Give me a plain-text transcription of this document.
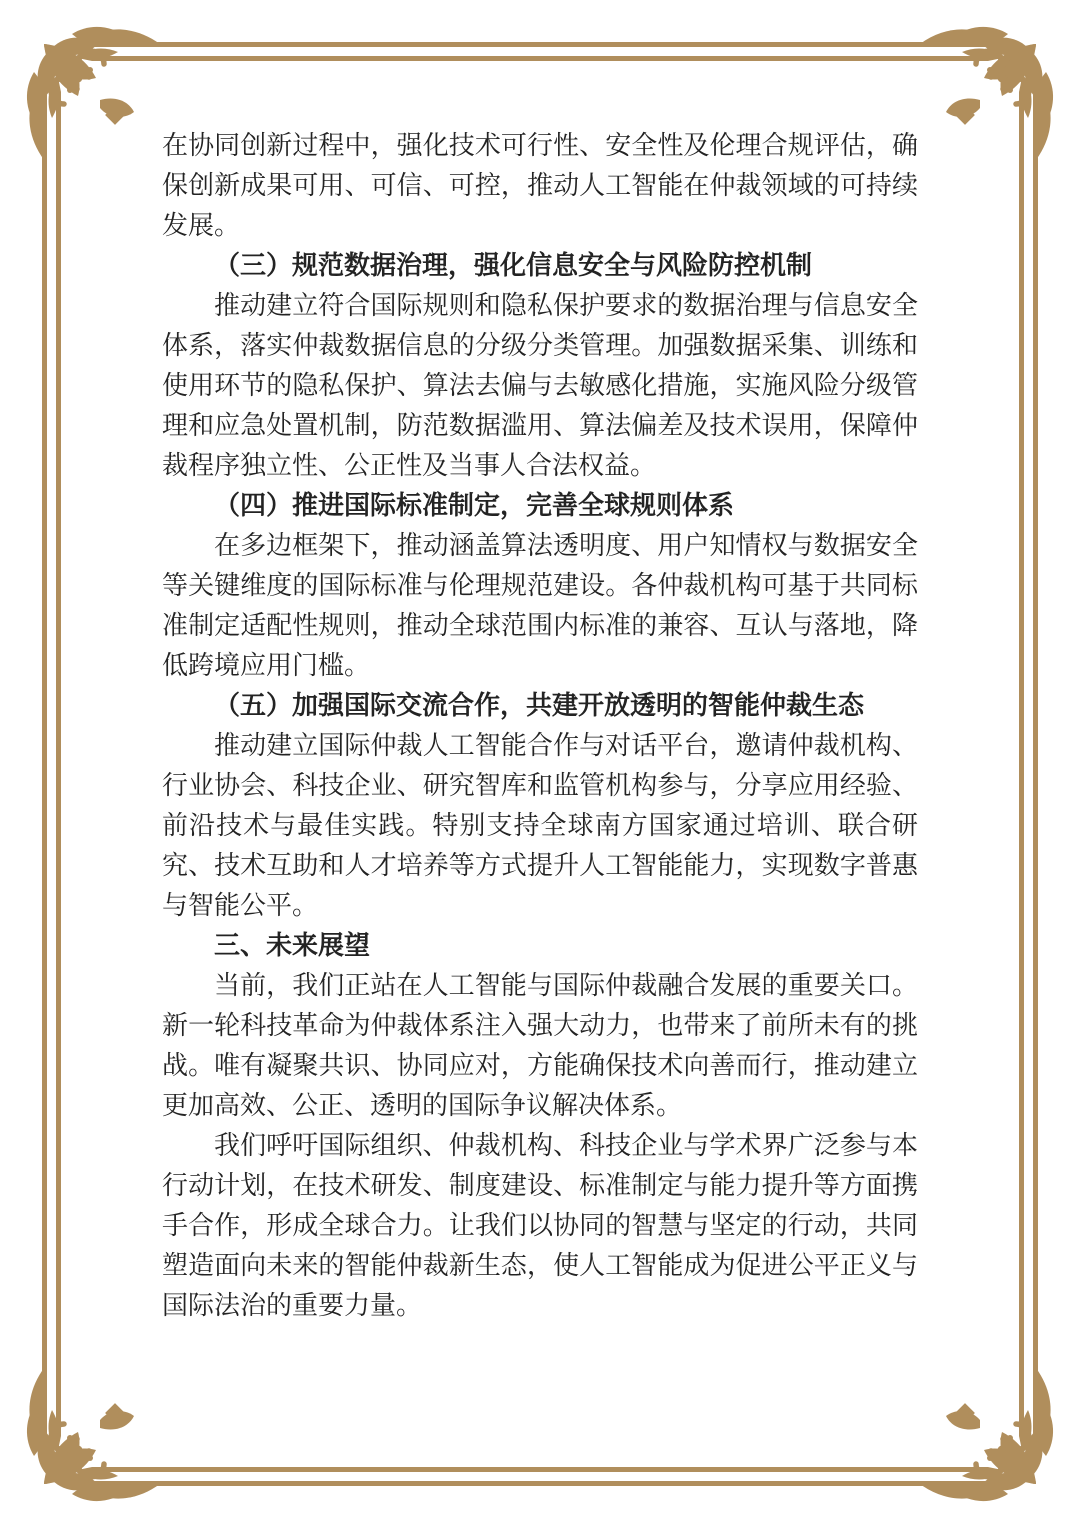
在协同创新过程中，强化技术可行性、安全性及伦理合规评估，确保创新成果可用、可信、可控，推动人工智能在仲裁领域的可持续发展。

（三）规范数据治理，强化信息安全与风险防控机制

推动建立符合国际规则和隐私保护要求的数据治理与信息安全体系，落实仲裁数据信息的分级分类管理。加强数据采集、训练和使用环节的隐私保护、算法去偏与去敏感化措施，实施风险分级管理和应急处置机制，防范数据滥用、算法偏差及技术误用，保障仲裁程序独立性、公正性及当事人合法权益。

（四）推进国际标准制定，完善全球规则体系

在多边框架下，推动涵盖算法透明度、用户知情权与数据安全等关键维度的国际标准与伦理规范建设。各仲裁机构可基于共同标准制定适配性规则，推动全球范围内标准的兼容、互认与落地，降低跨境应用门槛。

（五）加强国际交流合作，共建开放透明的智能仲裁生态

推动建立国际仲裁人工智能合作与对话平台，邀请仲裁机构、行业协会、科技企业、研究智库和监管机构参与，分享应用经验、前沿技术与最佳实践。特别支持全球南方国家通过培训、联合研究、技术互助和人才培养等方式提升人工智能能力，实现数字普惠与智能公平。

三、未来展望

当前，我们正站在人工智能与国际仲裁融合发展的重要关口。新一轮科技革命为仲裁体系注入强大动力，也带来了前所未有的挑战。唯有凝聚共识、协同应对，方能确保技术向善而行，推动建立更加高效、公正、透明的国际争议解决体系。

我们呼吁国际组织、仲裁机构、科技企业与学术界广泛参与本行动计划，在技术研发、制度建设、标准制定与能力提升等方面携手合作，形成全球合力。让我们以协同的智慧与坚定的行动，共同塑造面向未来的智能仲裁新生态，使人工智能成为促进公平正义与国际法治的重要力量。
